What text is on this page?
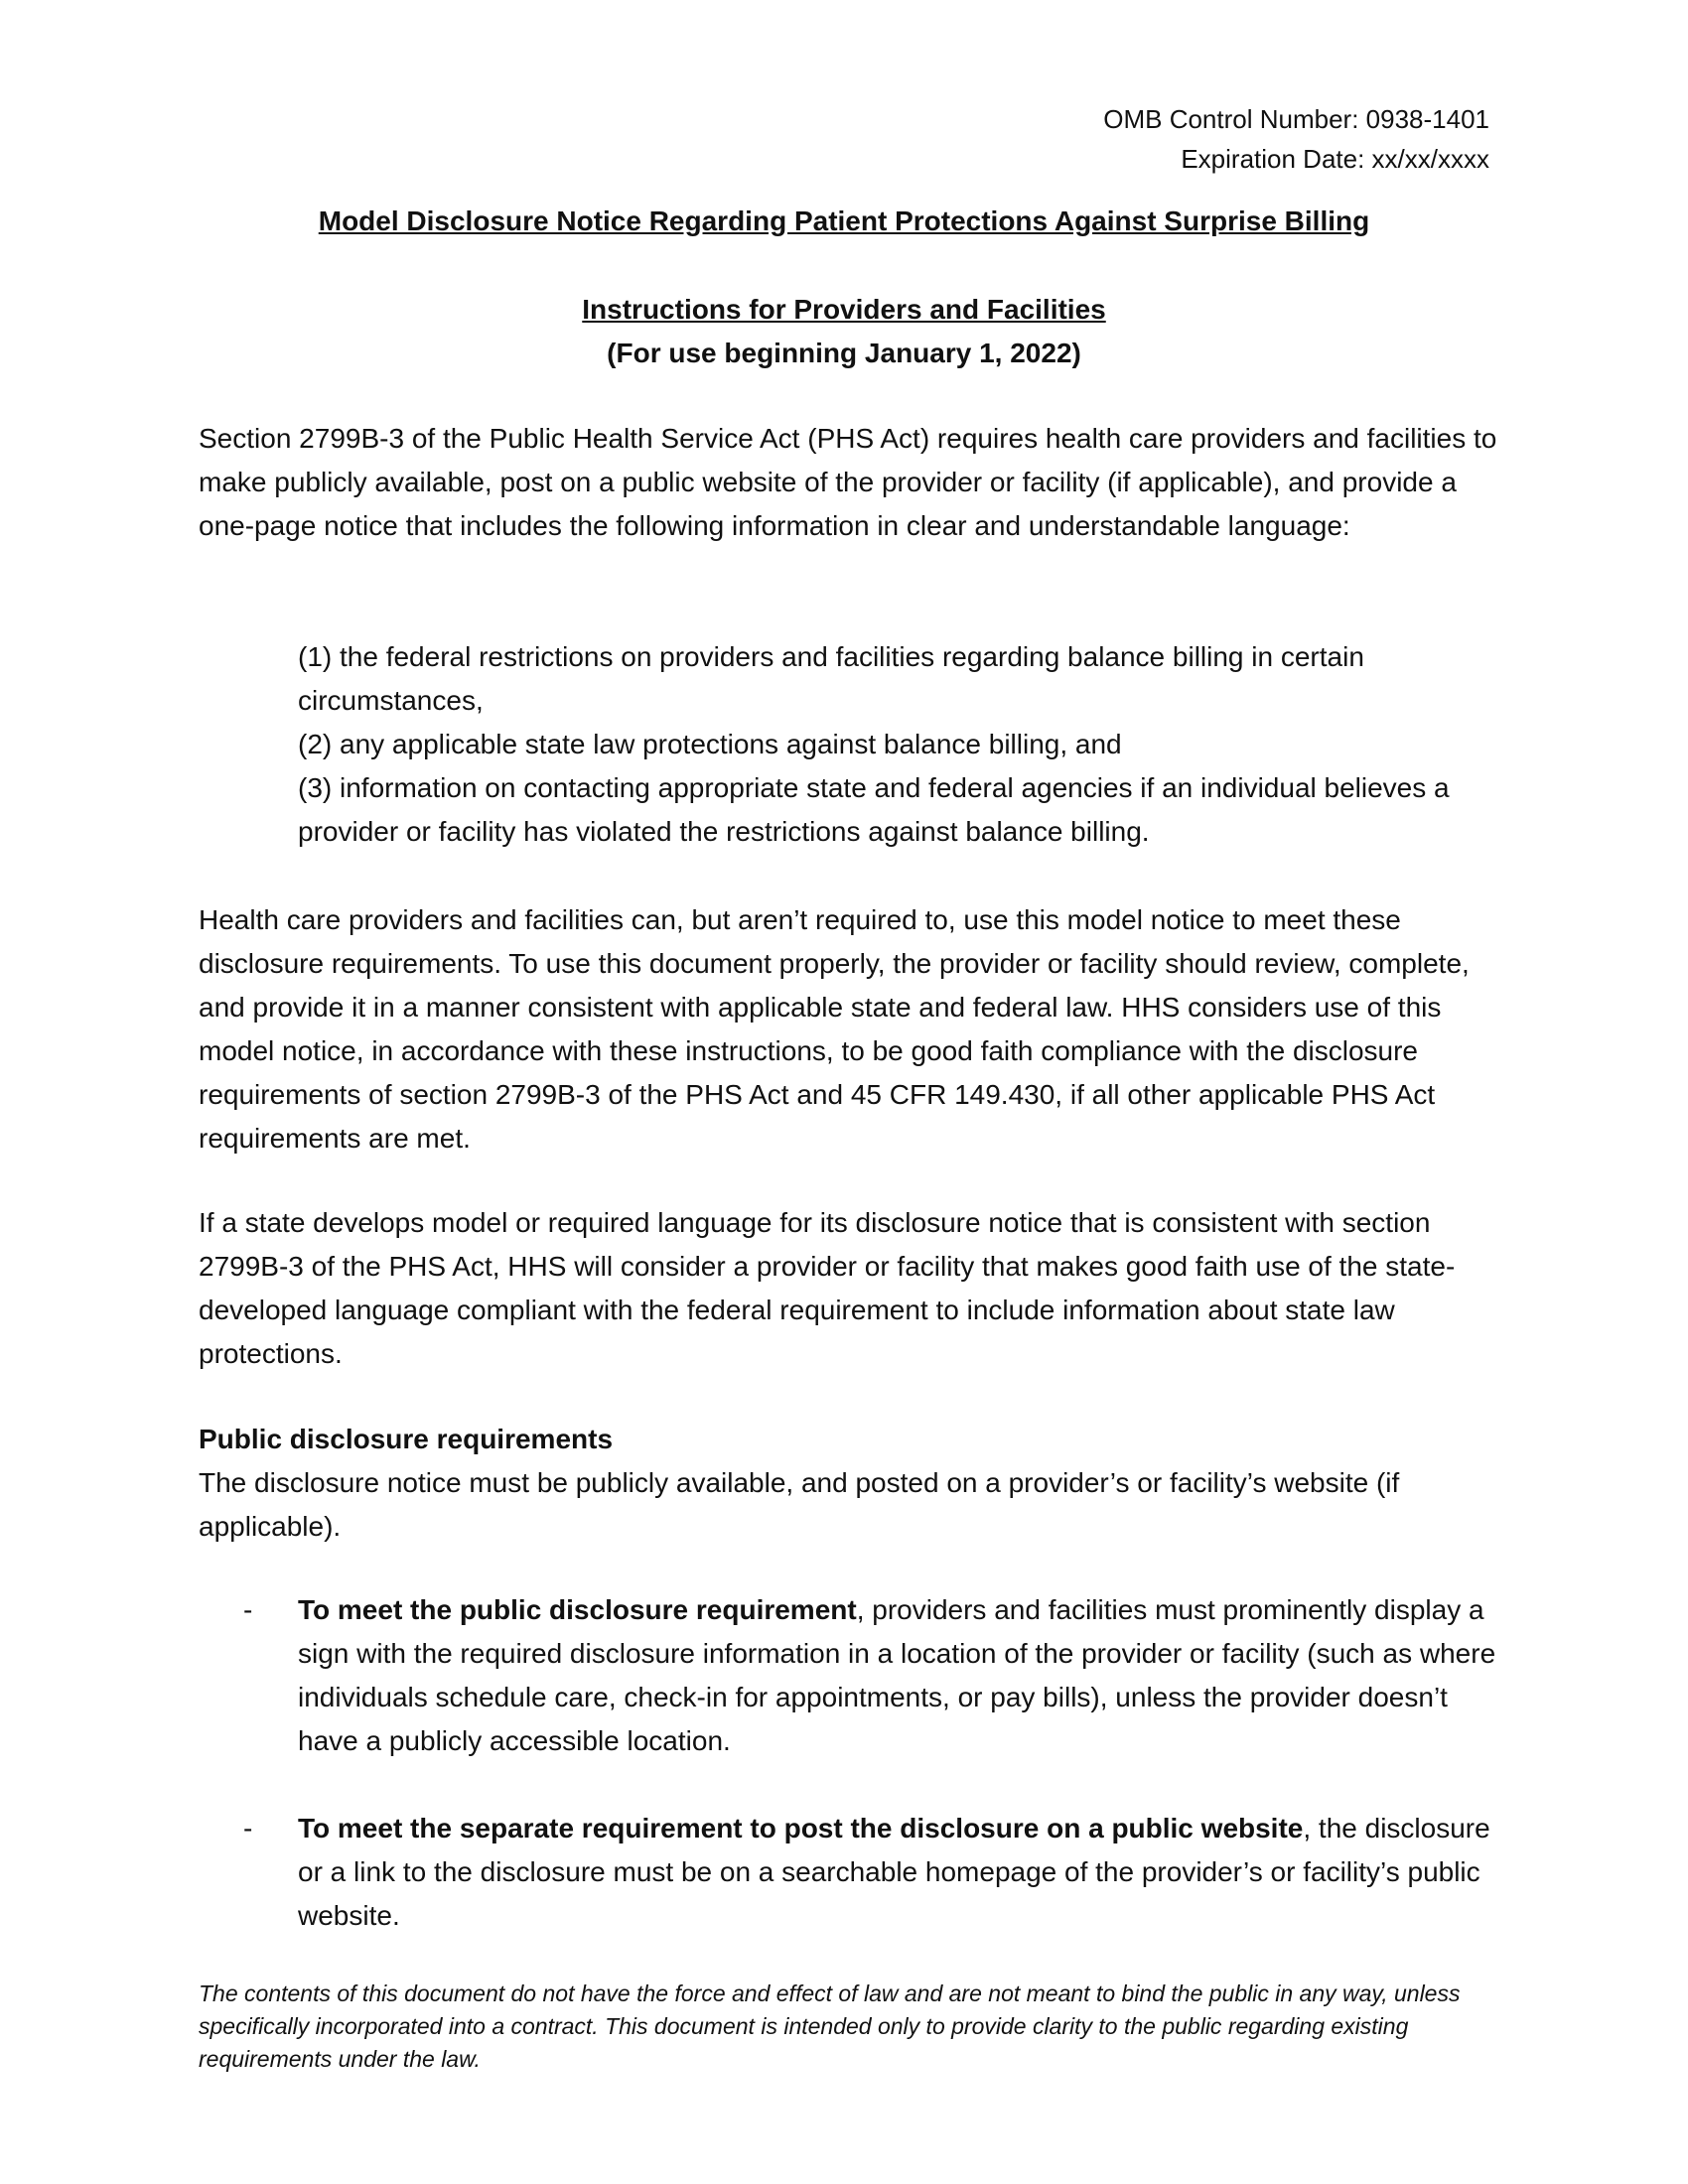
OMB Control Number: 0938-1401
Expiration Date: xx/xx/xxxx
Model Disclosure Notice Regarding Patient Protections Against Surprise Billing
Instructions for Providers and Facilities
(For use beginning January 1, 2022)
Section 2799B-3 of the Public Health Service Act (PHS Act) requires health care providers and facilities to make publicly available, post on a public website of the provider or facility (if applicable), and provide a one-page notice that includes the following information in clear and understandable language:

(1) the federal restrictions on providers and facilities regarding balance billing in certain circumstances,

(2) any applicable state law protections against balance billing, and

(3) information on contacting appropriate state and federal agencies if an individual believes a provider or facility has violated the restrictions against balance billing.

Health care providers and facilities can, but aren’t required to, use this model notice to meet these disclosure requirements. To use this document properly, the provider or facility should review, complete, and provide it in a manner consistent with applicable state and federal law. HHS considers use of this model notice, in accordance with these instructions, to be good faith compliance with the disclosure requirements of section 2799B-3 of the PHS Act and 45 CFR 149.430, if all other applicable PHS Act requirements are met.
If a state develops model or required language for its disclosure notice that is consistent with section 2799B-3 of the PHS Act, HHS will consider a provider or facility that makes good faith use of the state-developed language compliant with the federal requirement to include information about state law protections.
Public disclosure requirements
The disclosure notice must be publicly available, and posted on a provider’s or facility’s website (if applicable).
- To meet the public disclosure requirement, providers and facilities must prominently display a sign with the required disclosure information in a location of the provider or facility (such as where individuals schedule care, check-in for appointments, or pay bills), unless the provider doesn’t have a publicly accessible location.
- To meet the separate requirement to post the disclosure on a public website, the disclosure or a link to the disclosure must be on a searchable homepage of the provider’s or facility’s public website.
The contents of this document do not have the force and effect of law and are not meant to bind the public in any way, unless specifically incorporated into a contract. This document is intended only to provide clarity to the public regarding existing requirements under the law.
